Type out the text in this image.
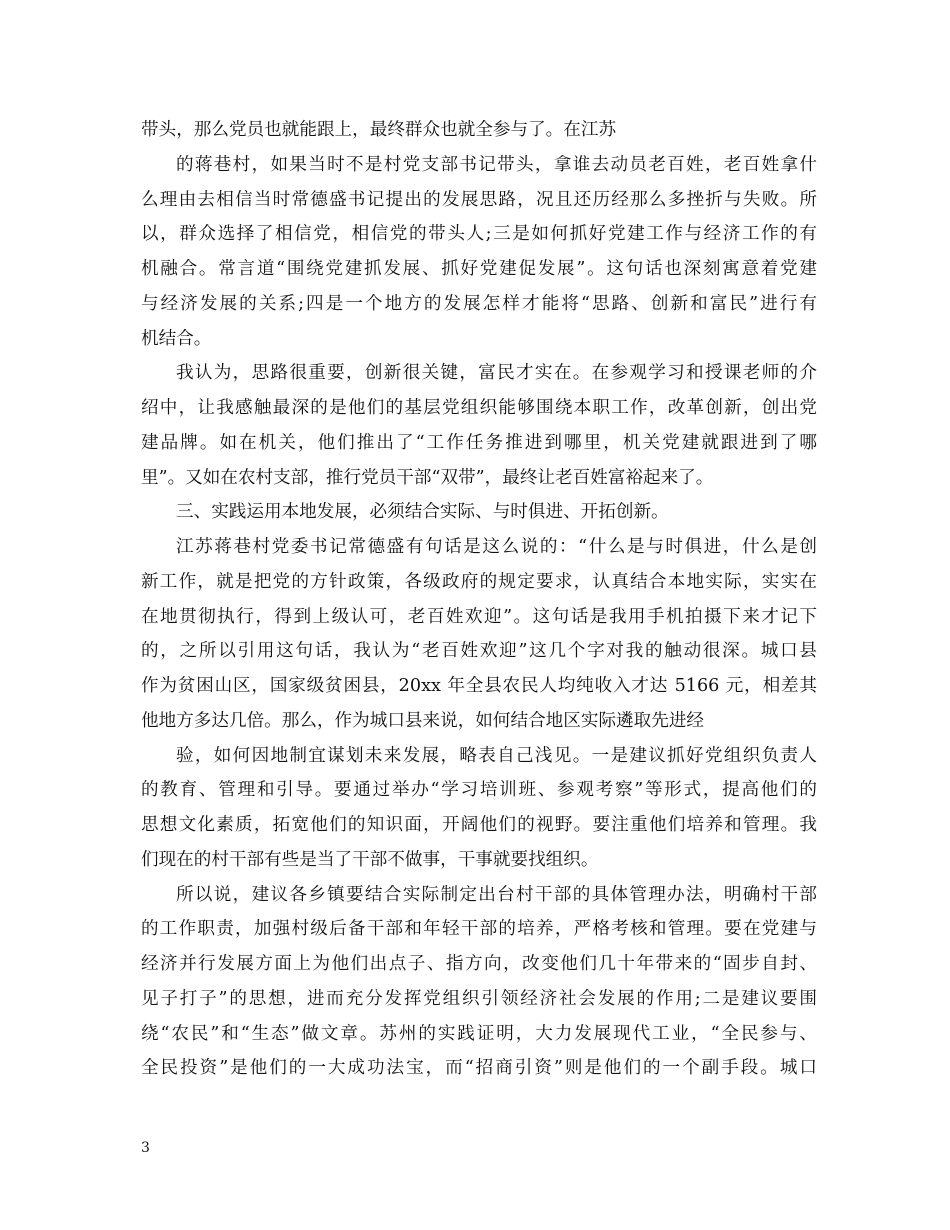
带头，那么党员也就能跟上，最终群众也就全参与了。在江苏
的蒋巷村，如果当时不是村党支部书记带头，拿谁去动员老百姓，老百姓拿什
么理由去相信当时常德盛书记提出的发展思路，况且还历经那么多挫折与失败。所
以，群众选择了相信党，相信党的带头人;三是如何抓好党建工作与经济工作的有
机融合。常言道“围绕党建抓发展、抓好党建促发展”。这句话也深刻寓意着党建
与经济发展的关系;四是一个地方的发展怎样才能将“思路、创新和富民”进行有
机结合。
我认为，思路很重要，创新很关键，富民才实在。在参观学习和授课老师的介
绍中，让我感触最深的是他们的基层党组织能够围绕本职工作，改革创新，创出党
建品牌。如在机关，他们推出了“工作任务推进到哪里，机关党建就跟进到了哪
里”。又如在农村支部，推行党员干部“双带”，最终让老百姓富裕起来了。
三、实践运用本地发展，必须结合实际、与时俱进、开拓创新。
江苏蒋巷村党委书记常德盛有句话是这么说的：“什么是与时俱进，什么是创
新工作，就是把党的方针政策，各级政府的规定要求，认真结合本地实际，实实在
在地贯彻执行，得到上级认可，老百姓欢迎”。这句话是我用手机拍摄下来才记下
的，之所以引用这句话，我认为“老百姓欢迎”这几个字对我的触动很深。城口县
作为贫困山区，国家级贫困县，20xx 年全县农民人均纯收入才达 5166 元，相差其
他地方多达几倍。那么，作为城口县来说，如何结合地区实际遴取先进经
验，如何因地制宜谋划未来发展，略表自己浅见。一是建议抓好党组织负责人
的教育、管理和引导。要通过举办“学习培训班、参观考察”等形式，提高他们的
思想文化素质，拓宽他们的知识面，开阔他们的视野。要注重他们培养和管理。我
们现在的村干部有些是当了干部不做事，干事就要找组织。
所以说，建议各乡镇要结合实际制定出台村干部的具体管理办法，明确村干部
的工作职责，加强村级后备干部和年轻干部的培养，严格考核和管理。要在党建与
经济并行发展方面上为他们出点子、指方向，改变他们几十年带来的“固步自封、
见子打子”的思想，进而充分发挥党组织引领经济社会发展的作用;二是建议要围
绕“农民”和“生态”做文章。苏州的实践证明，大力发展现代工业，“全民参与、
全民投资”是他们的一大成功法宝，而“招商引资”则是他们的一个副手段。城口
3
